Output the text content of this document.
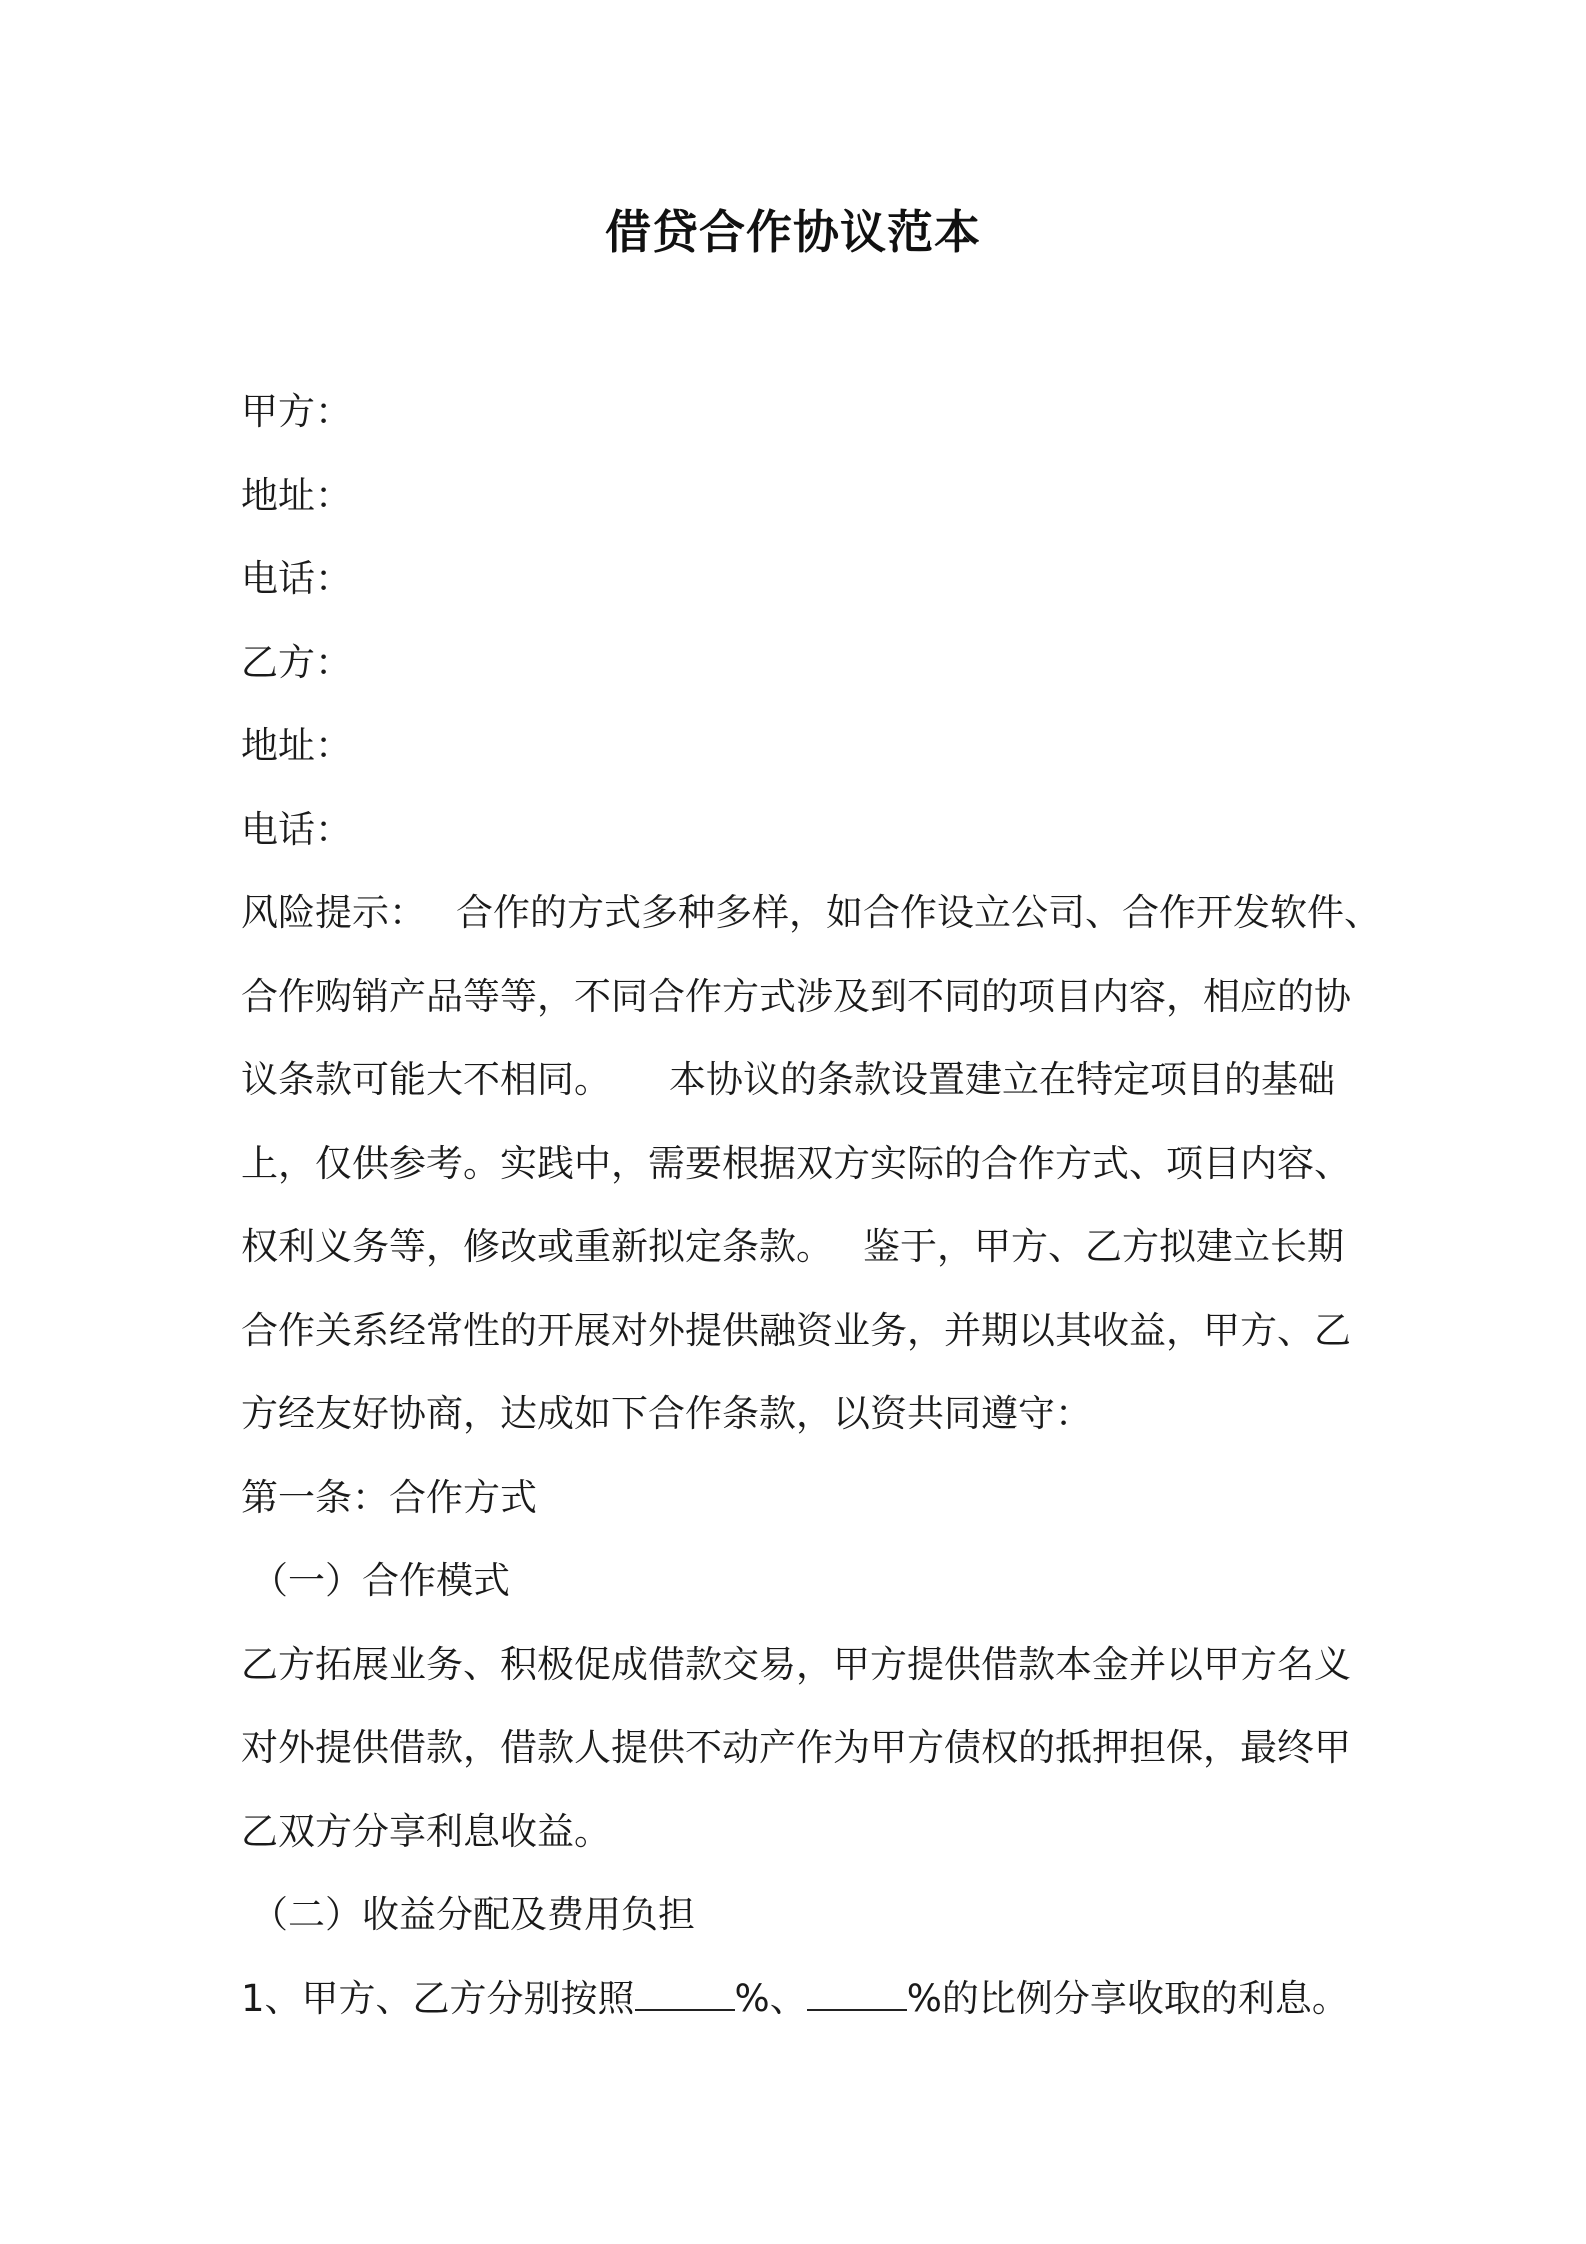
借贷合作协议范本
甲方：
地址：
电话：
乙方：
地址：
电话：
风险提示： 合作的方式多种多样，如合作设立公司、合作开发软件、
合作购销产品等等，不同合作方式涉及到不同的项目内容，相应的协
议条款可能大不相同。 本协议的条款设置建立在特定项目的基础
上，仅供参考。实践中，需要根据双方实际的合作方式、项目内容、
权利义务等，修改或重新拟定条款。 鉴于，甲方、乙方拟建立长期
合作关系经常性的开展对外提供融资业务，并期以其收益，甲方、乙
方经友好协商，达成如下合作条款，以资共同遵守：
第一条：合作方式
（一）合作模式
乙方拓展业务、积极促成借款交易，甲方提供借款本金并以甲方名义
对外提供借款，借款人提供不动产作为甲方债权的抵押担保，最终甲
乙双方分享利息收益。
（二）收益分配及费用负担
1、甲方、乙方分别按照	%、	%的比例分享收取的利息。
